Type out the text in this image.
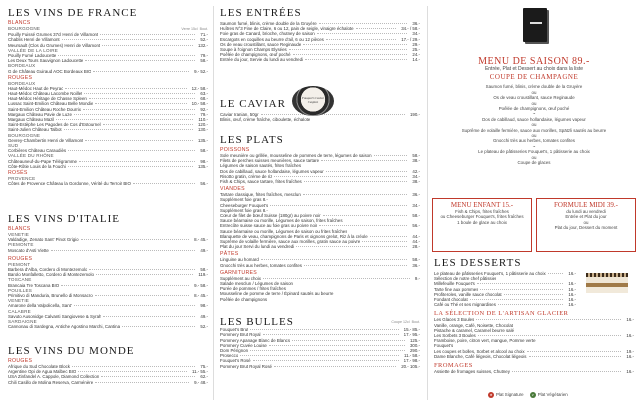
LES VINS DE FRANCE
BLANCS
BOURGOGNE	Verre 15cl Bout.
Pouilly Fuissé Grumes 37cl Henri de Villamont	71.-
Chablis Henri de Villamont	52.-
Meursault (Clos du Grumes) Henri de Villamont	132.-
VALLÉE DE LA LOIRE
Pouilly Fumé Ladoucette	79.-
Les Deux Tours Sauvignon Ladoucette	58.-
BORDEAUX
G de Château Guiraud AOC Bordeaux BIO	9.- 52.-
ROUGES
BORDEAUX
Haut-Médoc Haut de Peyrac	12.- 58.-
Haut-Médoc Château Lacombe Noillet	63.-
Haut-Médoc Héritage de Chasse Spleen	68.-
Lussac Saint-Emilion Château Belle Mondie	10.- 58.-
Saint-Emilion Château Roche Dourrix	92.-
Margaux Château Pavie de Luze	79.-
Margaux Château Mazil	110.-
Saint-Estèphe Les Pagodes de Cos d'Estournel	120.-
Saint-Julien Château Talbot	130.-
BOURGOGNE
Gevrey-Chambertin Henri de Villamont	135.-
SUD
Corbières Château Caraudiès	58.-
VALLÉE DU RHÔNE
Châteauneuf-du-Pape Télégramme	98.-
Côte-Rôtie Louis de la Fouchi	135.-
ROSÉS
PROVENCE
Côtes de Provence Château la Gordonne, Vérité du Terroir BIO	56.-
LES VINS D'ITALIE
BLANCS
VENETIE
Valdadige, Zenato Sant' Pinot Grigio	8.- 45.-
PIEMONTE
Moscato d'Asti Viette	49.-
ROUGES
PIEMONT
Barbera d'Alba, Cordero di Montezemolo	58.-
Barolo Monfalletto, Cordero di Montezemolo	119.-
TOSCANE
Brancaia Tre Toscana BIO	9.- 58.-
POUILLES
Primitivo di Manduria, Brunello di Monsacro	8.- 45.-
VENETIE
Amarone della Valpolicella, Sant'	98.-
CALABRE
Savuto Ausonidge Calvanti Sangiovese & Syrah	49.-
SARDAIGNE
Cannonau di Sardegna, Antiche Agostino Marchi, Cantina	52.-
LES VINS DU MONDE
ROUGES
Afrique du Sud Chocolate Block	75.-
Argentine Opi de Agua Malbec BIO	11.- 55.-
USA Zinfandel A. Cappole, Diamond Collection	62.-
Chili Casillo de Molina Reserva, Carménère	9.- 48.-
LES ENTRÉES
Saumon fumé, blinis, crème double de la Gruyère	36.-
Huîtres N°3 Fine de Claire, 6 ou 12, pain de seigle, vinaigre échalote	34.- / 58.-
Foie gras de Canard, brioche, chutney de saison	34.-
Escargots en coquilles au beurre d'ail, 6 ou 12 pièces	17.- / 29.-
Os de veau croustillant, sauce Reginaude	29.-
Soupe à l'oignon Champs Elysées	25.-
Poêlée de champignons, œuf poché	24.-
Entrée du jour, Servie du lundi au vendredi	14.-
LE CAVIAR
Caviar Iranian, 50gr	190.-
Blinis, œuf, crème fraîche, ciboulette, échalote
Fouquet's Caviar Caspien
LES PLATS
POISSONS
Sole meunière ou grillée, mousseline de pommes de terre, légumes de saison	58.-
Filets de perches suisses meunières, sauce tartare	38.-
Légumes de saison sautés, frites fraîches
Dos de cabillaud, sauce hollandaise, légumes vapeur	42.-
Risotto gratin, crème de riz	34.-
Fish & Chips, sauce tartare, frites fraîches	38.-
VIANDES
Tartare classique, frites fraîches, mesclun	36.-
Supplément foie gras 8.-
Cheeseburger Fouquet's	34.-
Supplément foie gras 8.-
Cœur de filet de bœuf Suisse (180gr) au poivre noir	58.-
Sauce béarnaise ou morille, Légumes de saison, frites fraîches
Entrecôte suisse sauce au foie gras ou poivre noir	56.-
Sauce béarnaise ou morille, Légumes de saison ou frites fraîches
Blanquette de veau, champignons de Paris et oignons grelot, Riz à la créole	44.-
Suprême de volaille fermière, sauce aux morilles, gratin sauce au poivre	44.-
Plat du jour Servi du lundi au vendredi	28.-
PÂTES
Linguine au homard	58.-
Gnocchi très aux herbes, tomates confites	36.-
GARNITURES
Supplément au choix	9.-
Salade mesclun / Légumes de saison
Purée de pommes / frites fraîches
Mousseline de pomme de terre / Épinard sautés au beurre
Poêlée de champignons
LES BULLES	Coupe 12cl Bout.
Fouquet's Brut	15.- 85.-
Pommery Brut Royal	17.- 95.-
Pommery Apanage Blanc de Blancs	125.-
Pommery Cuvée Louise	300.-
Dom Pérignon	290.-
Prosecco	11.- 58.-
Fouquet's Rosé	17.- 98.-
Pommery Brut Royal Rosé	20.- 105.-
MENU DE SAISON 89.-
Entrée, Plat et Dessert au choix dans la liste
COUPE DE CHAMPAGNE
Saumon fumé, blinis, crème double de la Gruyère
ou
Os de veau croustillant, sauce Reginaude
ou
Poêlée de champignons, œuf poché
~
Dos de cabillaud, sauce hollandaise, légumes vapeur
ou
Suprême de volaille fermière, sauce aux morilles, Spätzli sautés au beurre
ou
Gnocchi très aux herbes, tomates confites
~
Le plateau de pâtisseries Fouquet's, 1 pâtisserie au choix
ou
Coupe de glaces
MENU ENFANT 15.-
Fish & Chips, frites fraîches
ou Cheeseburger Fouquet's, frites fraîches
1 boule de glace au choix
FORMULE MIDI 39.-
du lundi au vendredi
Entrée et Plat du jour
ou
Plat du jour, Dessert du moment
LES DESSERTS
Le plateau de pâtisseries Fouquet's, 1 pâtisserie au choix	16.-
Sélection de notre chef pâtissier
Millefeuille Fouquet's	16.-
Tarte fine aux pommes	16.-
Profiteroles, vanille sauce chocolat	16.-
Fondant chocolat	16.-
Café ou Thé et ses mignardises	16.-
LA SÉLECTION DE L'ARTISAN GLACIER
Les Glaces 3 Boules	16.-
Vanille, orange, Café, Noisette, Chocolat
Pistache & caramel, Caramel beurre salé
Les Sorbets 3 Boules	16.-
Framboise, poire, citron vert, mangue, Pomme verte
Fouquet's
Les coupes et bolles, Sorbet et alcool au choix	19.-
Dame Blanche, Café liégeois, Chocolat liégeois	16.-
FROMAGES
Assiette de fromages suisses, Chutney	16.-
★ Plat Signature v Plat Végétarien
